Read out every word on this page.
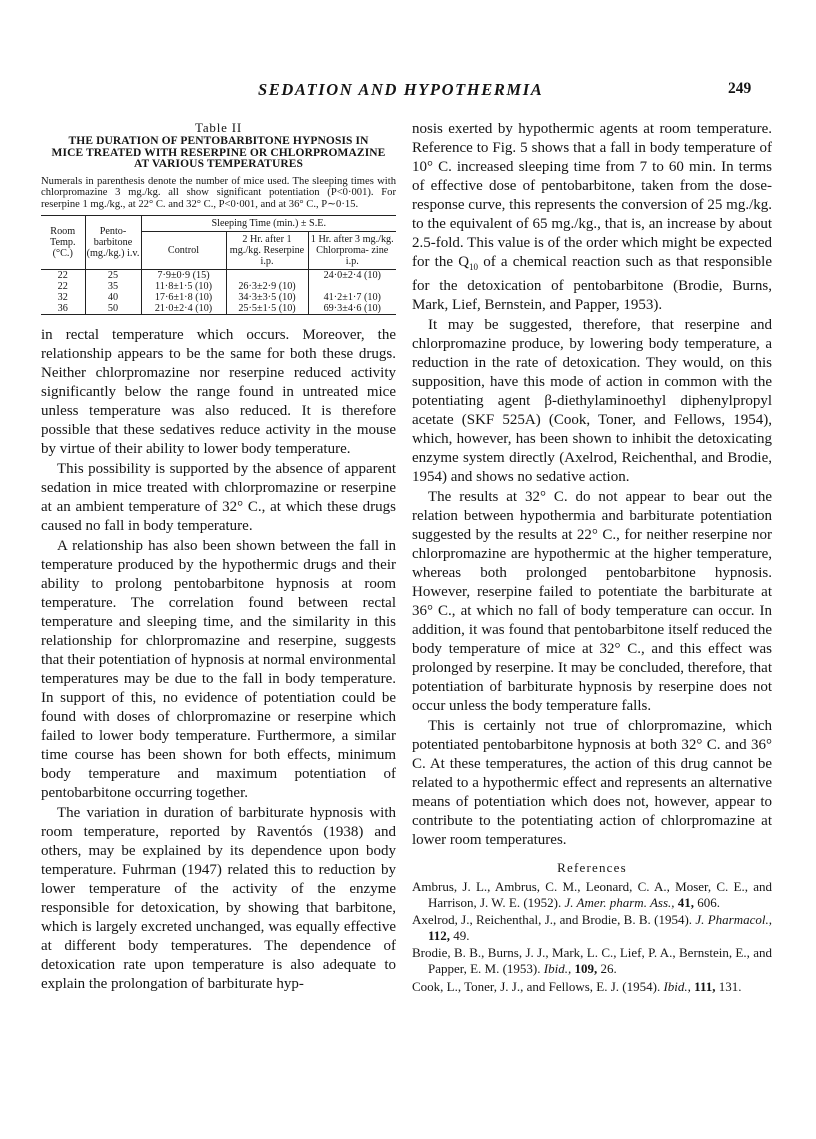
SEDATION AND HYPOTHERMIA	249
Table II
THE DURATION OF PENTOBARBITONE HYPNOSIS IN
MICE TREATED WITH RESERPINE OR CHLORPROMAZINE
AT VARIOUS TEMPERATURES
Numerals in parenthesis denote the number of mice used. The sleeping times with chlorpromazine 3 mg./kg. all show significant potentiation (P<0·001). For reserpine 1 mg./kg., at 22° C. and 32° C., P<0·001, and at 36° C., P∼0·15.
Room Temp. (°C.)	Pento- barbitone (mg./kg.) i.v.	Sleeping Time (min.) ± S.E.		
		Control	2 Hr. after 1 mg./kg. Reserpine i.p.	1 Hr. after 3 mg./kg. Chlorproma- zine i.p.
22	25	7·9±0·9 (15)		24·0±2·4 (10)
22	35	11·8±1·5 (10)	26·3±2·9 (10)	
32	40	17·6±1·8 (10)	34·3±3·5 (10)	41·2±1·7 (10)
36	50	21·0±2·4 (10)	25·5±1·5 (10)	69·3±4·6 (10)

in rectal temperature which occurs. Moreover, the relationship appears to be the same for both these drugs. Neither chlorpromazine nor reserpine reduced activity significantly below the range found in untreated mice unless temperature was also reduced. It is therefore possible that these sedatives reduce activity in the mouse by virtue of their ability to lower body temperature.

This possibility is supported by the absence of apparent sedation in mice treated with chlorpromazine or reserpine at an ambient temperature of 32° C., at which these drugs caused no fall in body temperature.

A relationship has also been shown between the fall in temperature produced by the hypothermic drugs and their ability to prolong pentobarbitone hypnosis at room temperature. The correlation found between rectal temperature and sleeping time, and the similarity in this relationship for chlorpromazine and reserpine, suggests that their potentiation of hypnosis at normal environmental temperatures may be due to the fall in body temperature. In support of this, no evidence of potentiation could be found with doses of chlorpromazine or reserpine which failed to lower body temperature. Furthermore, a similar time course has been shown for both effects, minimum body temperature and maximum potentiation of pentobarbitone occurring together.

The variation in duration of barbiturate hypnosis with room temperature, reported by Raventós (1938) and others, may be explained by its dependence upon body temperature. Fuhrman (1947) related this to reduction by lower temperature of the activity of the enzyme responsible for detoxication, by showing that barbitone, which is largely excreted unchanged, was equally effective at different body temperatures. The dependence of detoxication rate upon temperature is also adequate to explain the prolongation of barbiturate hyp-

nosis exerted by hypothermic agents at room temperature. Reference to Fig. 5 shows that a fall in body temperature of 10° C. increased sleeping time from 7 to 60 min. In terms of effective dose of pentobarbitone, taken from the dose-response curve, this represents the conversion of 25 mg./kg. to the equivalent of 65 mg./kg., that is, an increase by about 2.5-fold. This value is of the order which might be expected for the $Q_{10}$ of a chemical reaction such as that responsible for the detoxication of pentobarbitone (Brodie, Burns, Mark, Lief, Bernstein, and Papper, 1953).

It may be suggested, therefore, that reserpine and chlorpromazine produce, by lowering body temperature, a reduction in the rate of detoxication. They would, on this supposition, have this mode of action in common with the potentiating agent β-diethylaminoethyl diphenylpropyl acetate (SKF 525A) (Cook, Toner, and Fellows, 1954), which, however, has been shown to inhibit the detoxicating enzyme system directly (Axelrod, Reichenthal, and Brodie, 1954) and shows no sedative action.

The results at 32° C. do not appear to bear out the relation between hypothermia and barbiturate potentiation suggested by the results at 22° C., for neither reserpine nor chlorpromazine are hypothermic at the higher temperature, whereas both prolonged pentobarbitone hypnosis. However, reserpine failed to potentiate the barbiturate at 36° C., at which no fall of body temperature can occur. In addition, it was found that pentobarbitone itself reduced the body temperature of mice at 32° C., and this effect was prolonged by reserpine. It may be concluded, therefore, that potentiation of barbiturate hypnosis by reserpine does not occur unless the body temperature falls.

This is certainly not true of chlorpromazine, which potentiated pentobarbitone hypnosis at both 32° C. and 36° C. At these temperatures, the action of this drug cannot be related to a hypothermic effect and represents an alternative means of potentiation which does not, however, appear to contribute to the potentiating action of chlorpromazine at lower room temperatures.

References
Ambrus, J. L., Ambrus, C. M., Leonard, C. A., Moser, C. E., and Harrison, J. W. E. (1952). J. Amer. pharm. Ass., 41, 606.
Axelrod, J., Reichenthal, J., and Brodie, B. B. (1954). J. Pharmacol., 112, 49.
Brodie, B. B., Burns, J. J., Mark, L. C., Lief, P. A., Bernstein, E., and Papper, E. M. (1953). Ibid., 109, 26.
Cook, L., Toner, J. J., and Fellows, E. J. (1954). Ibid., 111, 131.
